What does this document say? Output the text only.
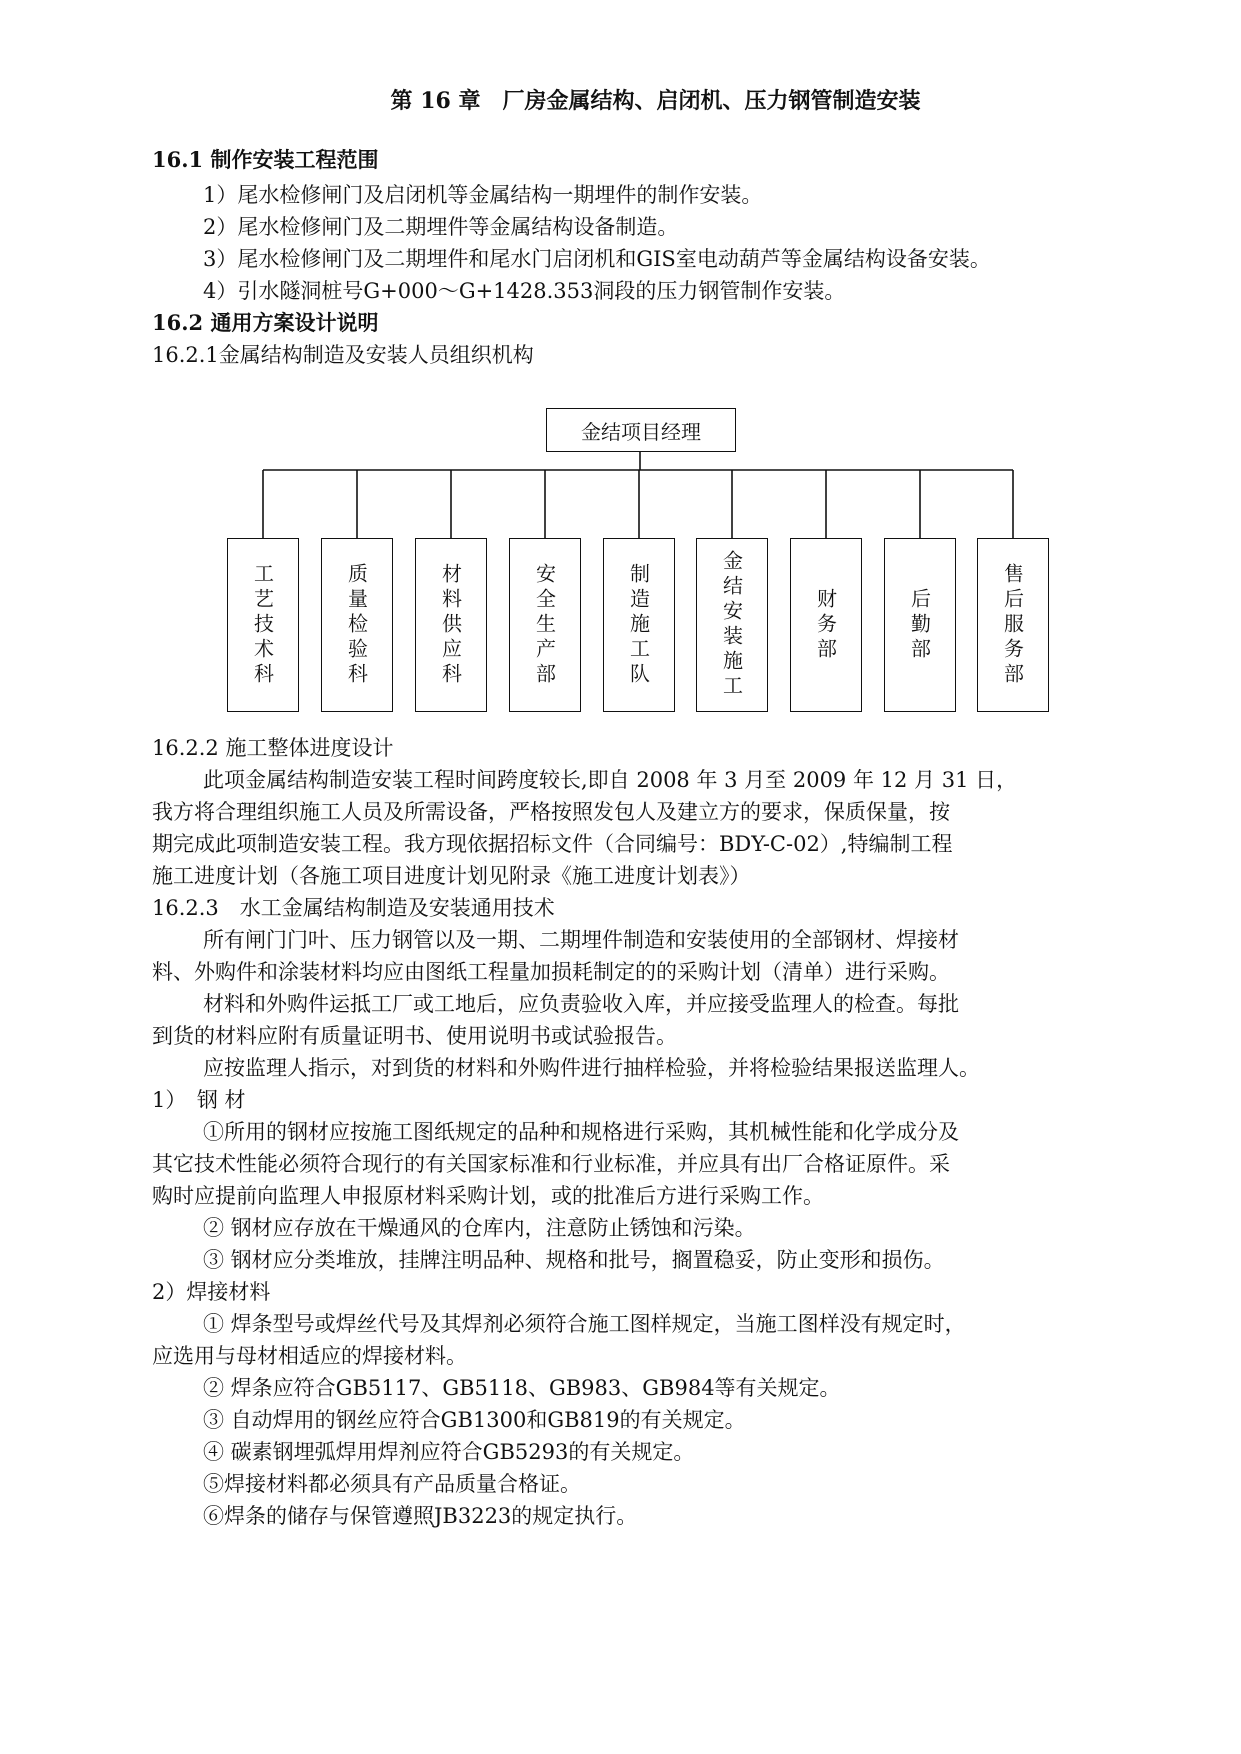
第 16 章　厂房金属结构、启闭机、压力钢管制造安装
16.1 制作安装工程范围
1）尾水检修闸门及启闭机等金属结构一期埋件的制作安装。
2）尾水检修闸门及二期埋件等金属结构设备制造。
3）尾水检修闸门及二期埋件和尾水门启闭机和GIS室电动葫芦等金属结构设备安装。
4）引水隧洞桩号G+000～G+1428.353洞段的压力钢管制作安装。
16.2 通用方案设计说明
16.2.1金属结构制造及安装人员组织机构
金结项目经理
工艺技术科	质量检验科	材料供应科	安全生产部	制造施工队	金结安装施工	财务部	后勤部	售后服务部
16.2.2 施工整体进度设计
此项金属结构制造安装工程时间跨度较长,即自 2008 年 3 月至 2009 年 12 月 31 日，
我方将合理组织施工人员及所需设备，严格按照发包人及建立方的要求，保质保量，按
期完成此项制造安装工程。我方现依据招标文件（合同编号：BDY-C-02）,特编制工程
施工进度计划（各施工项目进度计划见附录《施工进度计划表》）
16.2.3　水工金属结构制造及安装通用技术
所有闸门门叶、压力钢管以及一期、二期埋件制造和安装使用的全部钢材、焊接材
料、外购件和涂装材料均应由图纸工程量加损耗制定的的采购计划（清单）进行采购。
材料和外购件运抵工厂或工地后，应负责验收入库，并应接受监理人的检查。每批
到货的材料应附有质量证明书、使用说明书或试验报告。
应按监理人指示，对到货的材料和外购件进行抽样检验，并将检验结果报送监理人。
1）　钢 材
①所用的钢材应按施工图纸规定的品种和规格进行采购，其机械性能和化学成分及
其它技术性能必须符合现行的有关国家标准和行业标准，并应具有出厂合格证原件。采
购时应提前向监理人申报原材料采购计划，或的批准后方进行采购工作。
② 钢材应存放在干燥通风的仓库内，注意防止锈蚀和污染。
③ 钢材应分类堆放，挂牌注明品种、规格和批号，搁置稳妥，防止变形和损伤。
2）焊接材料
① 焊条型号或焊丝代号及其焊剂必须符合施工图样规定，当施工图样没有规定时，
应选用与母材相适应的焊接材料。
② 焊条应符合GB5117、GB5118、GB983、GB984等有关规定。
③ 自动焊用的钢丝应符合GB1300和GB819的有关规定。
④ 碳素钢埋弧焊用焊剂应符合GB5293的有关规定。
⑤焊接材料都必须具有产品质量合格证。
⑥焊条的储存与保管遵照JB3223的规定执行。
